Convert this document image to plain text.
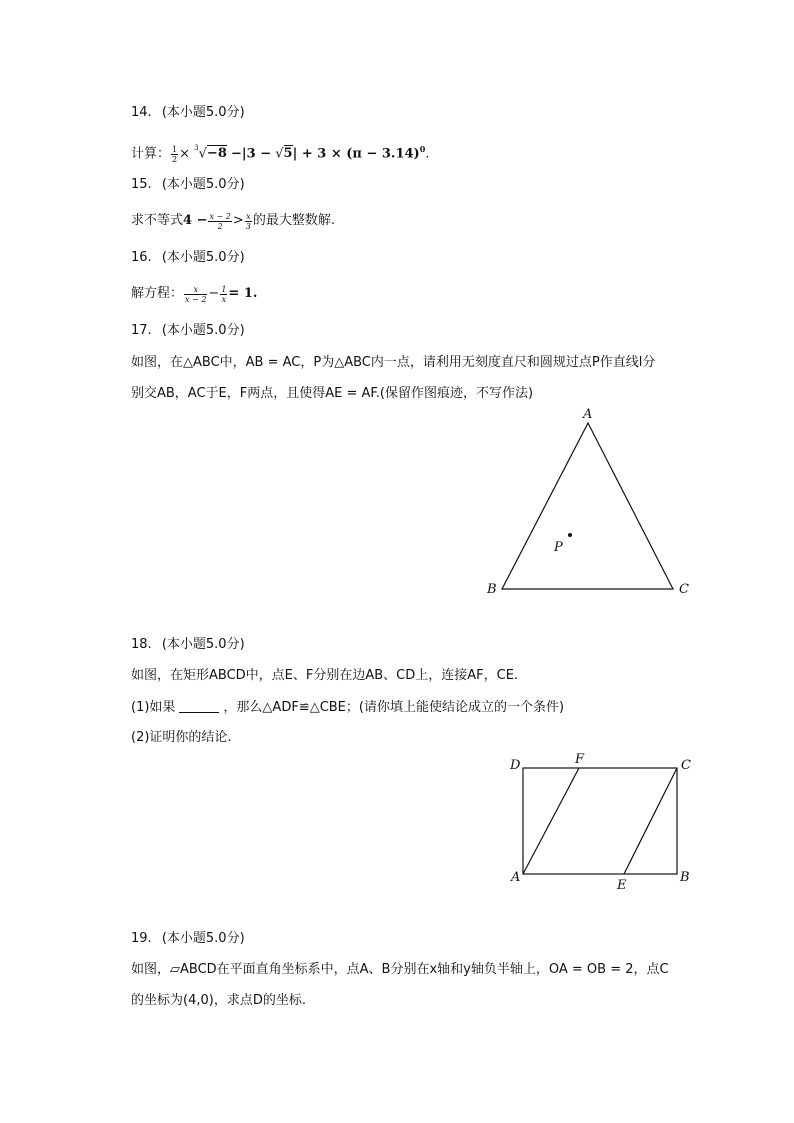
14. (本小题5.0分)
计算： $\frac{1}{2} \times ^3√-8 -|3 - √5| + 3 \times (\pi - 3.14)^0$.
15. (本小题5.0分)
求不等式$4 - \frac{x - 2}{2} > \frac{x}{3}$ 的最大整数解.
16. (本小题5.0分)
解方程： $\frac{x}{x - 2} - \frac{1}{x} = 1$.
17. (本小题5.0分)
如图，在△ABC中，AB = AC，P为△ABC内一点，请利用无刻度直尺和圆规过点P作直线l分
别交AB，AC于E，F两点，且使得AE = AF.(保留作图痕迹，不写作法)
A
B	C
P
18. (本小题5.0分)
如图，在矩形ABCD中，点E、F分别在边AB、CD上，连接AF，CE.
(1)如果	，那么△ADF≌△CBE；(请你填上能使结论成立的一个条件)
(2)证明你的结论.
D	F	C
A
E
B
19. (本小题5.0分)
如图，▱ABCD在平面直角坐标系中，点A、B分别在x轴和y轴负半轴上，OA = OB = 2，点C
的坐标为(4,0)，求点D的坐标.
